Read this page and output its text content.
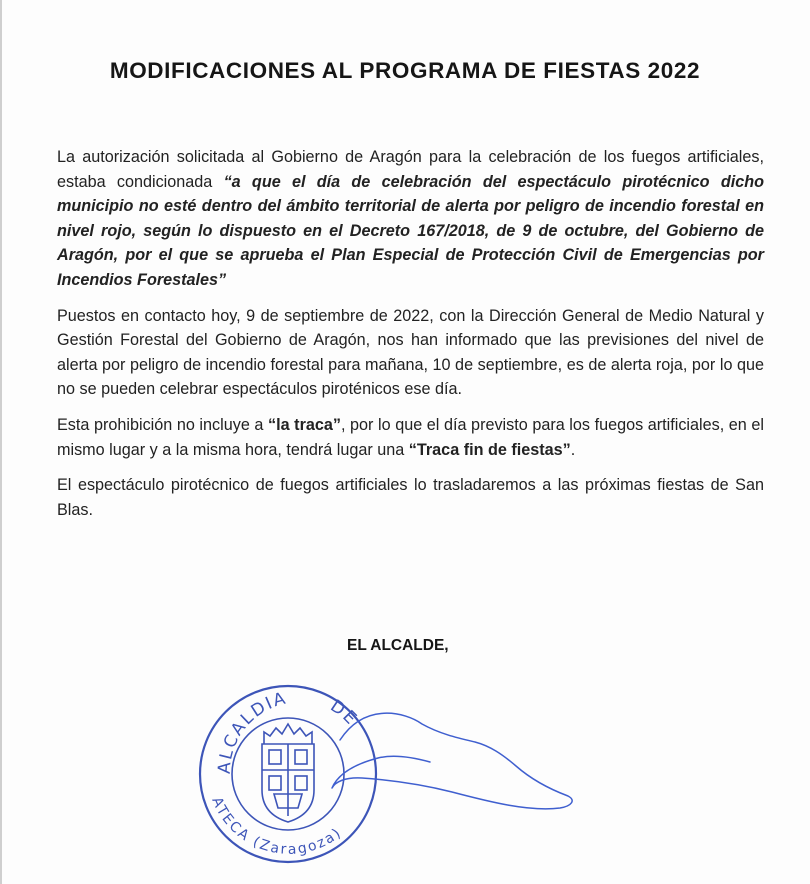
MODIFICACIONES AL PROGRAMA DE FIESTAS 2022

La autorización solicitada al Gobierno de Aragón para la celebración de los fuegos artificiales, estaba condicionada “a que el día de celebración del espectáculo pirotécnico dicho municipio no esté dentro del ámbito territorial de alerta por peligro de incendio forestal en nivel rojo, según lo dispuesto en el Decreto 167/2018, de 9 de octubre, del Gobierno de Aragón, por el que se aprueba el Plan Especial de Protección Civil de Emergencias por Incendios Forestales”

Puestos en contacto hoy, 9 de septiembre de 2022, con la Dirección General de Medio Natural y Gestión Forestal del Gobierno de Aragón, nos han informado que las previsiones del nivel de alerta por peligro de incendio forestal para mañana, 10 de septiembre, es de alerta roja, por lo que no se pueden celebrar espectáculos piroténicos ese día.

Esta prohibición no incluye a “la traca”, por lo que el día previsto para los fuegos artificiales, en el mismo lugar y a la misma hora, tendrá lugar una “Traca fin de fiestas”.

El espectáculo pirotécnico de fuegos artificiales lo trasladaremos a las próximas fiestas de San Blas.

EL ALCALDE,
ALCALDIA DE
ATECA (Zaragoza)
